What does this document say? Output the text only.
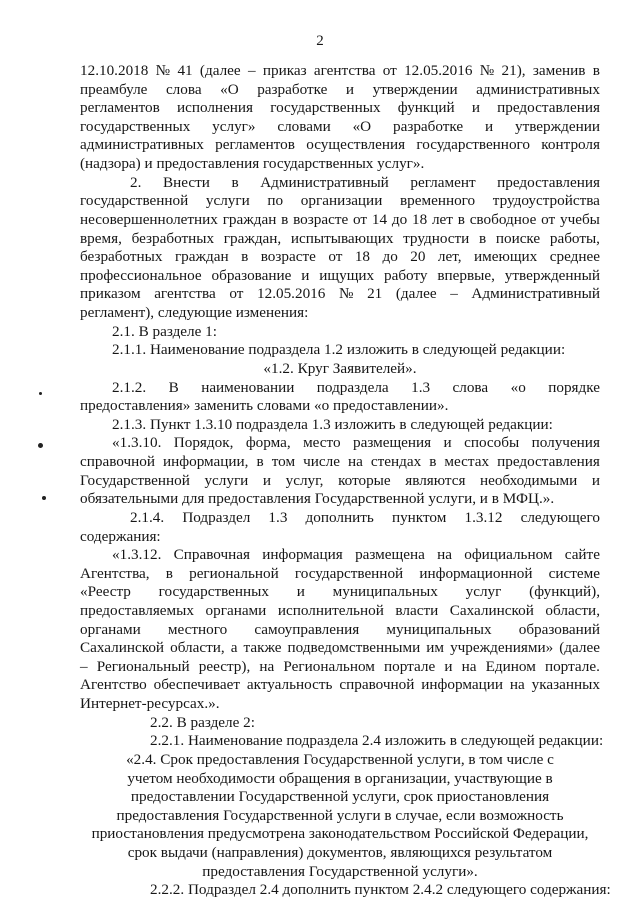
2
12.10.2018 № 41 (далее – приказ агентства от 12.05.2016 № 21), заменив в
преамбуле слова «О разработке и утверждении административных
регламентов исполнения государственных функций и предоставления
государственных услуг» словами «О разработке и утверждении
административных регламентов осуществления государственного контроля
(надзора) и предоставления государственных услуг».
2. Внести в Административный регламент предоставления
государственной услуги по организации временного трудоустройства
несовершеннолетних граждан в возрасте от 14 до 18 лет в свободное от учебы
время, безработных граждан, испытывающих трудности в поиске работы,
безработных граждан в возрасте от 18 до 20 лет, имеющих среднее
профессиональное образование и ищущих работу впервые, утвержденный
приказом агентства от 12.05.2016 № 21 (далее – Административный
регламент), следующие изменения:
2.1. В разделе 1:
2.1.1. Наименование подраздела 1.2 изложить в следующей редакции:
«1.2. Круг Заявителей».
2.1.2. В наименовании подраздела 1.3 слова «о порядке
предоставления» заменить словами «о предоставлении».
2.1.3. Пункт 1.3.10 подраздела 1.3 изложить в следующей редакции:
«1.3.10. Порядок, форма, место размещения и способы получения
справочной информации, в том числе на стендах в местах предоставления
Государственной услуги и услуг, которые являются необходимыми и
обязательными для предоставления Государственной услуги, и в МФЦ.».
2.1.4. Подраздел 1.3 дополнить пунктом 1.3.12 следующего
содержания:
«1.3.12. Справочная информация размещена на официальном сайте
Агентства, в региональной государственной информационной системе
«Реестр государственных и муниципальных услуг (функций),
предоставляемых органами исполнительной власти Сахалинской области,
органами местного самоуправления муниципальных образований
Сахалинской области, а также подведомственными им учреждениями» (далее
– Региональный реестр), на Региональном портале и на Едином портале.
Агентство обеспечивает актуальность справочной информации на указанных
Интернет-ресурсах.».
2.2. В разделе 2:
2.2.1. Наименование подраздела 2.4 изложить в следующей редакции:
«2.4. Срок предоставления Государственной услуги, в том числе с
учетом необходимости обращения в организации, участвующие в
предоставлении Государственной услуги, срок приостановления
предоставления Государственной услуги в случае, если возможность
приостановления предусмотрена законодательством Российской Федерации,
срок выдачи (направления) документов, являющихся результатом
предоставления Государственной услуги».
2.2.2. Подраздел 2.4 дополнить пунктом 2.4.2 следующего содержания:
